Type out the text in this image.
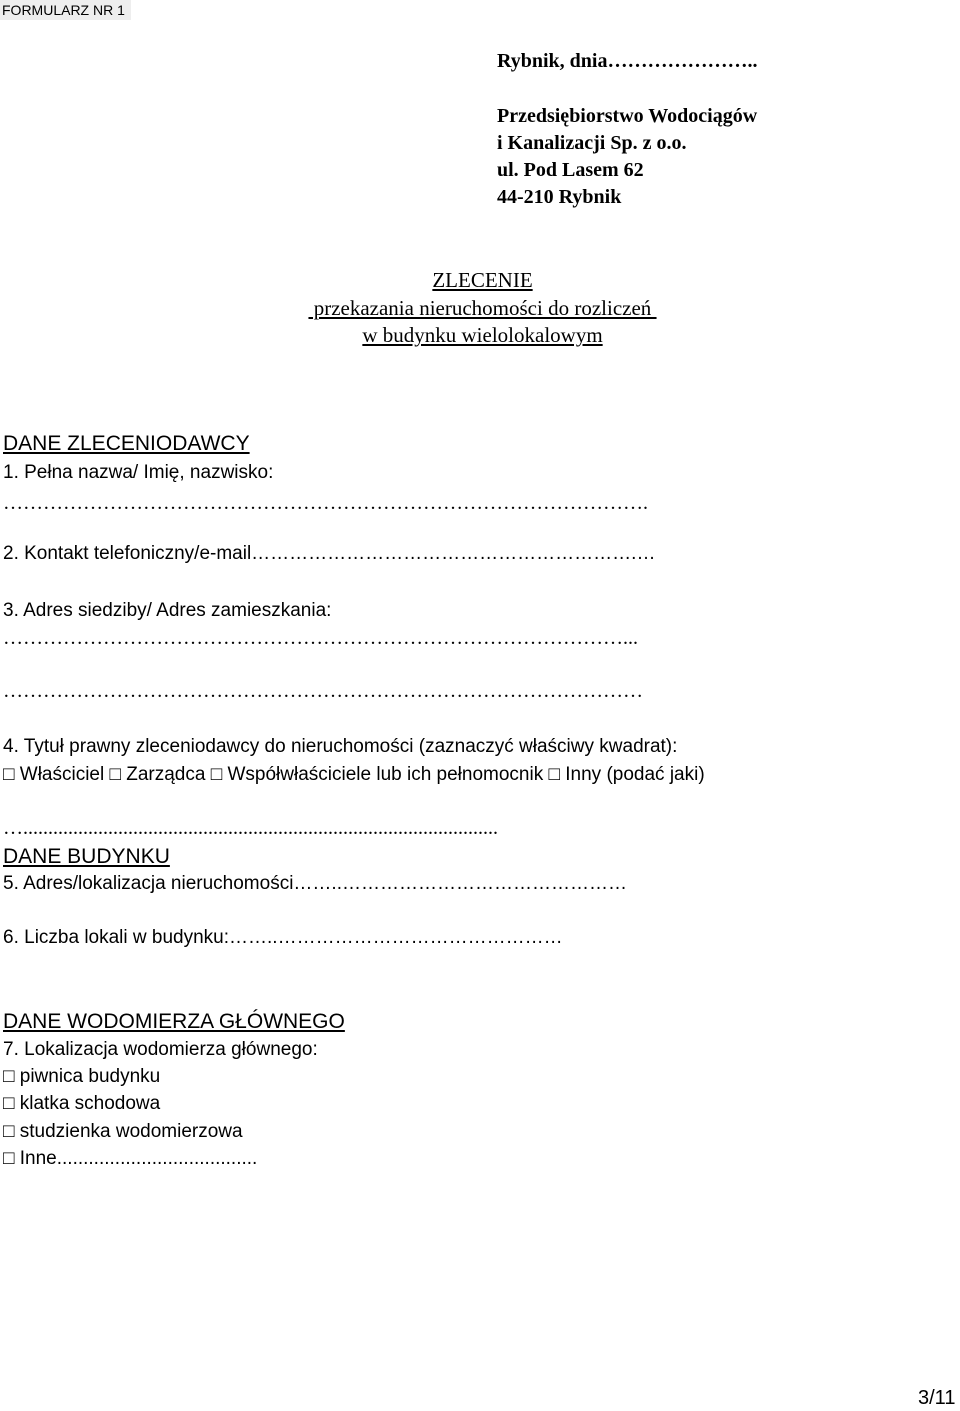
FORMULARZ NR 1
Rybnik, dnia…………………..
Przedsiębiorstwo Wodociągów
i Kanalizacji Sp. z o.o.
ul. Pod Lasem 62
44-210 Rybnik
ZLECENIE
przekazania nieruchomości do rozliczeń
w budynku wielolokalowym
DANE ZLECENIODAWCY
1. Pełna nazwa/ Imię, nazwisko:
…………………………………………………………………………………….
2. Kontakt telefoniczny/e-mail…………………………………………………….…
3. Adres siedziby/ Adres zamieszkania:
…………………………………………………………………………………...
……………………………………………………………………………………
4. Tytuł prawny zleceniodawcy do nieruchomości (zaznaczyć właściwy kwadrat):
□ Właściciel □ Zarządca □ Współwłaściciele lub ich pełnomocnik □ Inny (podać jaki)
…...............................................................................................
DANE BUDYNKU
5. Adres/lokalizacja nieruchomości……..………………………………………
6. Liczba lokali w budynku:……..………………………………………
DANE WODOMIERZA GŁÓWNEGO
7. Lokalizacja wodomierza głównego:
□ piwnica budynku
□ klatka schodowa
□ studzienka wodomierzowa
□ Inne......................................
3/11
